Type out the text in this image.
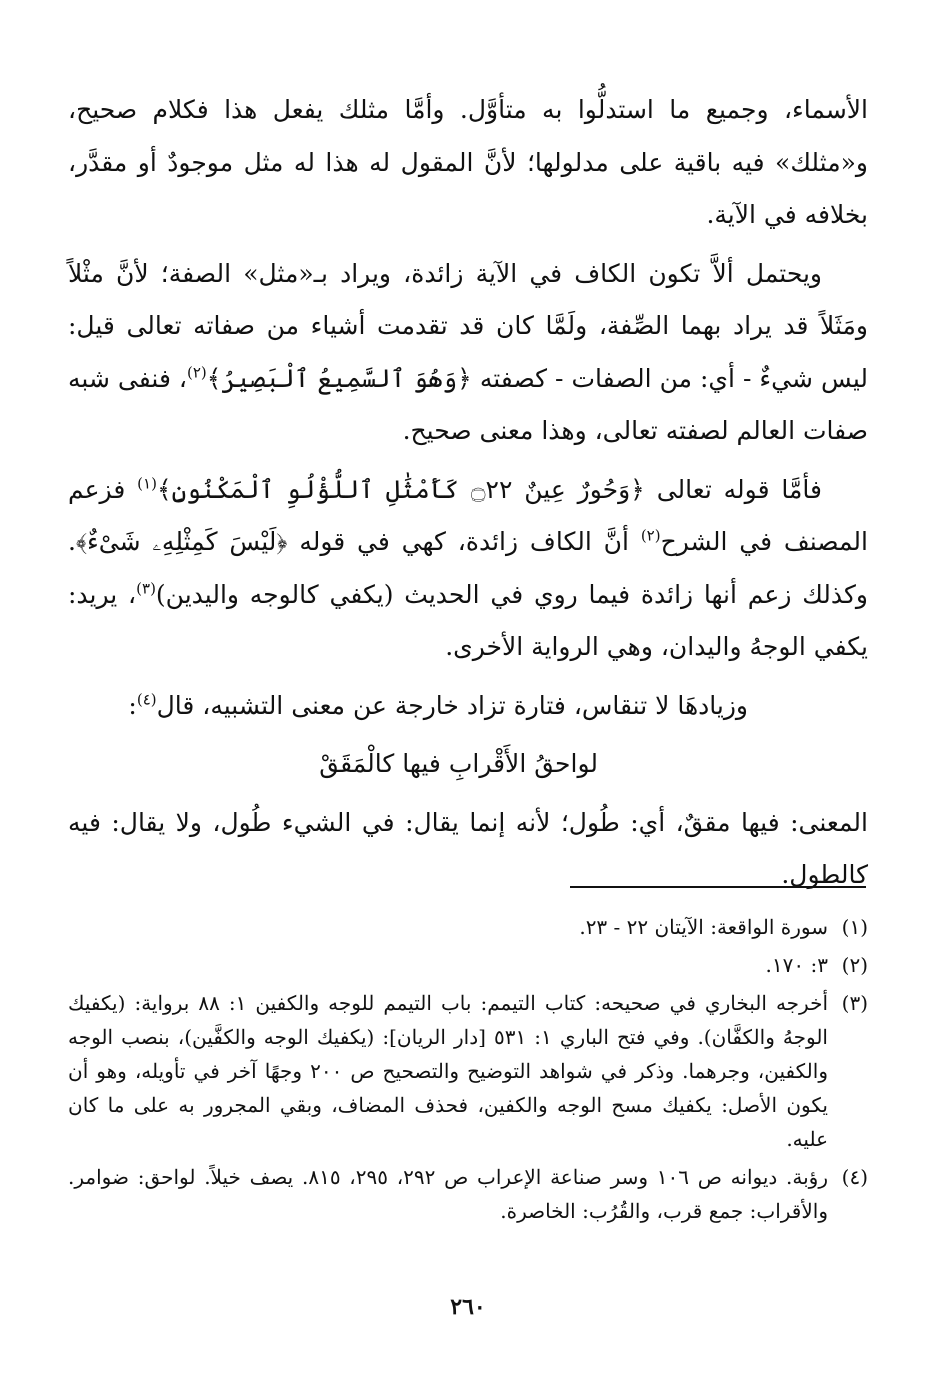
الأسماء، وجميع ما استدلُّوا به متأوَّل. وأمَّا مثلك يفعل هذا فكلام صحيح، و«مثلك» فيه باقية على مدلولها؛ لأنَّ المقول له هذا له مثل موجودٌ أو مقدَّر، بخلافه في الآية.

ويحتمل ألاَّ تكون الكاف في الآية زائدة، ويراد بـ«مثل» الصفة؛ لأنَّ مثْلاً ومَثَلاً قد يراد بهما الصِّفة، ولَمَّا كان قد تقدمت أشياء من صفاته تعالى قيل: ليس شيءٌ - أي: من الصفات - كصفته ﴿وَهُوَ ٱلسَّمِيعُ ٱلْبَصِيرُ﴾$^{(٢)}$، فنفى شبه صفات العالم لصفته تعالى، وهذا معنى صحيح.

فأمَّا قوله تعالى ﴿وَحُورٌ عِينٌ ۝٢٢ كَأَمْثَٰلِ ٱللُّؤْلُوِ ٱلْمَكْنُونِ﴾$^{(١)}$ فزعم المصنف في الشرح$^{(٢)}$ أنَّ الكاف زائدة، كهي في قوله ﴿لَيْسَ كَمِثْلِهِۦ شَىْءٌ﴾. وكذلك زعم أنها زائدة فيما روي في الحديث (يكفي كالوجه واليدين)$^{(٣)}$، يريد: يكفي الوجهُ واليدان، وهي الرواية الأخرى.

وزيادهَا لا تنقاس، فتارة تزاد خارجة عن معنى التشبيه، قال$^{(٤)}$:

لواحقُ الأَقْرابِ فيها كالْمَقَقْ

المعنى: فيها مققٌ، أي: طُول؛ لأنه إنما يقال: في الشيء طُول، ولا يقال: فيه كالطول.

(١)
سورة الواقعة: الآيتان ٢٢ - ٢٣.
(٢)
٣: ١٧٠.
(٣)
أخرجه البخاري في صحيحه: كتاب التيمم: باب التيمم للوجه والكفين ١: ٨٨ برواية: (يكفيك الوجهُ والكفَّان). وفي فتح الباري ١: ٥٣١ [دار الريان]: (يكفيك الوجه والكفَّين)، بنصب الوجه والكفين، وجرهما. وذكر في شواهد التوضيح والتصحيح ص ٢٠٠ وجهًا آخر في تأويله، وهو أن يكون الأصل: يكفيك مسح الوجه والكفين، فحذف المضاف، وبقي المجرور به على ما كان عليه.
(٤)
رؤبة. ديوانه ص ١٠٦ وسر صناعة الإعراب ص ٢٩٢، ٢٩٥، ٨١٥. يصف خيلاً. لواحق: ضوامر. والأقراب: جمع قرب، والقُرُب: الخاصرة.
٢٦٠
